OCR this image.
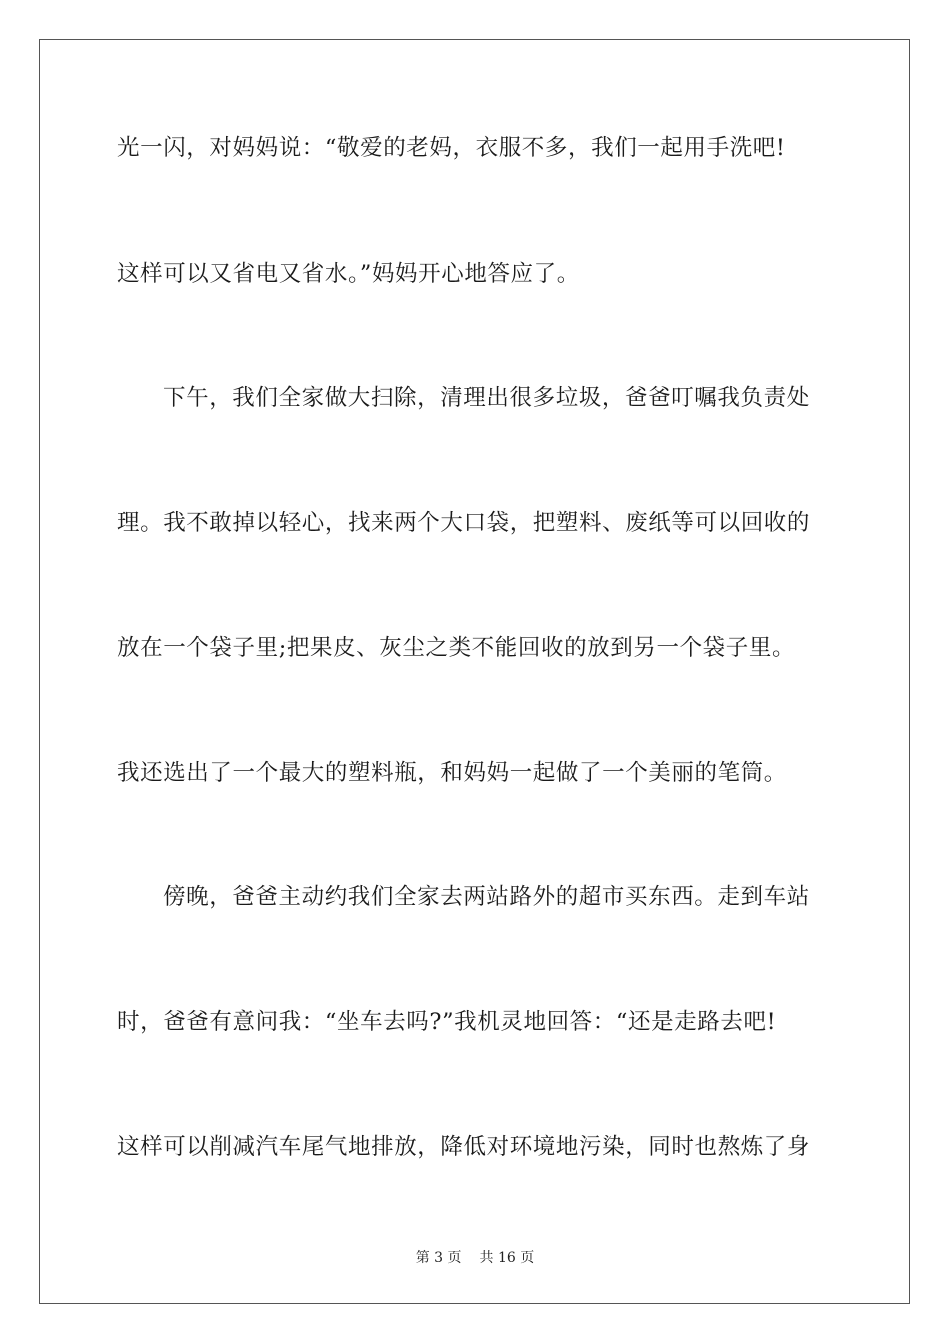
光一闪，对妈妈说：“敬爱的老妈，衣服不多，我们一起用手洗吧!
这样可以又省电又省水。”妈妈开心地答应了。
下午，我们全家做大扫除，清理出很多垃圾，爸爸叮嘱我负责处
理。我不敢掉以轻心，找来两个大口袋，把塑料、废纸等可以回收的
放在一个袋子里;把果皮、灰尘之类不能回收的放到另一个袋子里。
我还选出了一个最大的塑料瓶，和妈妈一起做了一个美丽的笔筒。
傍晚，爸爸主动约我们全家去两站路外的超市买东西。走到车站
时，爸爸有意问我：“坐车去吗?”我机灵地回答：“还是走路去吧!
这样可以削减汽车尾气地排放，降低对环境地污染，同时也熬炼了身
第 3 页 共 16 页
